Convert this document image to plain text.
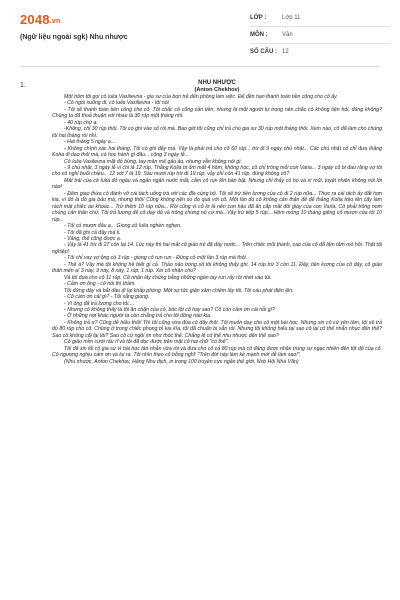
2048.vn
(Ngữ liệu ngoài sgk) Nhu nhược
LỚP :	Lớp 11
MÔN :	Văn
SỐ CÂU : 12
1.	NHU NHƯỢC
(Anton Chekhov)

Một hôm tôi gọi cô Iulia Vasilievna - gia sư của bọn trẻ đến phòng làm việc. Để đến hạn thanh toán tiền công cho cô ấy.

- Cô ngồi xuống đi, cô Iulia Vasilievna - tôi nói

- Tôi sẽ thanh toán tiền công cho cô. Tôi chắc cô cũng cần tiền, nhưng là một người tự trọng nên chắc cô không tiện hỏi, đúng không? Chúng ta đã thoả thuận với nhau là 30 rúp một tháng nhỉ.

- 40 rúp chứ ạ.

-Không, chỉ 30 rúp thôi. Tôi có ghi vào sổ rồi mà. Bao giờ tôi cũng chỉ trả cho gia sư 30 rúp một tháng thôi. Xem nào, cô đã làm cho chúng tôi hai tháng rồi nhỉ.

- Hai tháng 5 ngày ạ....

- Không chính xác hai tháng. Tôi có ghi đây mà. Vậy là phải trả cho cô 60 rúp... trừ đi 9 ngày chủ nhật... Các chủ nhật cô chỉ đưa thằng Koha đi dạo thôi mà, có học hành gì đâu... cộng 3 ngày lễ...

Cô Iulia Vasilevna mặt đỏ bừng, tay mân mê gấu áo, nhưng vẫn không nói gì.

- 9 chủ nhật, 3 ngày lễ vị chi là 12 rúp. Thằng Kolia bị ốm mất 4 hôm, không học, cô chỉ trông mỗi con Varia... 3 ngày cô bị đau răng vợ tôi cho cô nghỉ buổi chiều... 12 với 7 là 19. Sáu mươi rúp trừ đi 19 rúp, vậy chỉ còn 41 rúp, đúng không cô?

Mắt trái của cô Iulia đỏ ngầu và ngấn ngấn nước mắt, cằm cô run lên bần bật. Nhưng chỉ thấy cô ho và xì mũi, tuyệt nhiên không nói lời nào!

- Đêm giao thừa cô đánh vỡ cái tách uống trà với các đĩa cùng bộ. Tôi sẽ trừ tiền lương của cô đi 2 rúp nữa... Thực ra cái tách ấy đắt hơn kia, vì đó là đồ gia bảo mà, nhưng thôi! Cũng không nên so đo quá với cô. Một lần do cô không cẩn thận để để thằng Kolia trèo lên cây làm rách mất chiếc áo khoác... Trừ thêm 10 rúp nữa... Rồi cũng vì cô lơ là nên con hầu đã ăn cắp mất đôi giày của con Varia. Cô phải trông nom chúng cẩn thận chứ. Tôi trả lương để cô dạy dỗ và trông chừng nó cơ mà...Vậy trừ tiếp 5 rúp... Hôm mồng 10 tháng giêng cô mượn của tôi 10 rúp...

- Tôi có mượn đâu ạ... Giọng cô Iulia nghèn nghẹn.

- Tôi đã ghi cả đây mà lị.

- Vâng, thế cũng được ạ.

- Vậy là 41 trừ đi 27 còn lại 14. Lúc này thì hai mắt cô giáo trẻ đã đầy nước... Trên chiếc mũi thanh, cao của cô đã lấm tấm mồ hôi. Thật tội nghiệp!

- Tôi chỉ vay vợ ông có 3 rúp - giọng cô run run - Đúng có một lần 3 rúp mà thôi.

- Thế à? Vậy mà tôi không hề biết gì cả. Thảo nào trong sổ tôi không thấy ghi. 14 rúp trừ 3 còn 11. Đây, tiền lương của cô đây, cô giáo thân mến ạ! 3 này, 3 này, 8 này, 1 rúp, 1 rúp. Xin cô nhận cho?

Và tôi đưa cho cô 11 rúp. Cô nhận lấy chúng bằng những ngón tay run rẩy rồi nhét vào túi.

- Cảm ơn ông - cô nói thì thầm.

Tôi đứng dậy và bắt đầu đi lại khắp phòng. Một sự tức giận xâm chiếm lấy tôi. Tôi cáu phát điên lên.

- Cô cảm ơn cái gì? - Tôi sẵng giọng.

- Vì ông đã trả lương cho tôi....

- Nhưng cô không thấy là tôi ăn chặn của cô, bóc lột cô hay sao? Cô còn cảm ơn cái nỗi gì?

- Ở những nơi khác người ta còn chẳng trả cho tôi đồng nào kia.

- Không trả ư? Cũng dễ hiểu thôi! Thì tôi cũng vừa đùa cô đấy thôi. Tôi muốn dạy cho cô một bài học. Nhưng xin cô cứ yên tâm, tôi sẽ trả đủ 80 rúp cho cô. Chúng ở trong chiếc phong bì kia kìa, tôi đã chuẩn bị sẵn rồi. Nhưng tôi không hiểu tại sao cô lại có thể nhẫn nhục đến thế? Sao cô không cãi lại tôi? Sao cô cứ ngồi im như thóc thế. Chẳng lẽ có thể nhu nhược đến thế sao?

Cô giáo mỉm cười rầu rĩ và tôi đã đọc được trên mặt cô hai chữ "có thể".

Tôi đã xin lỗi cô gia sư vì bài học tàn nhẫn vừa rồi và đưa cho cô cả 80 rúp mà cô đáng được nhận trong sự ngạc nhiên đến tột độ của cô. Cô ngượng nghịu cảm ơn và lui ra. Tôi nhìn theo cô bỗng nghĩ: "Trên đời này làm kẻ mạnh mới dễ làm sao!".

(Nhu nhược, Anton Chekhov, Hằng Nhu dịch, in trong 100 truyện cực ngắn thế giới, Nxb Hội Nhà Văn)
